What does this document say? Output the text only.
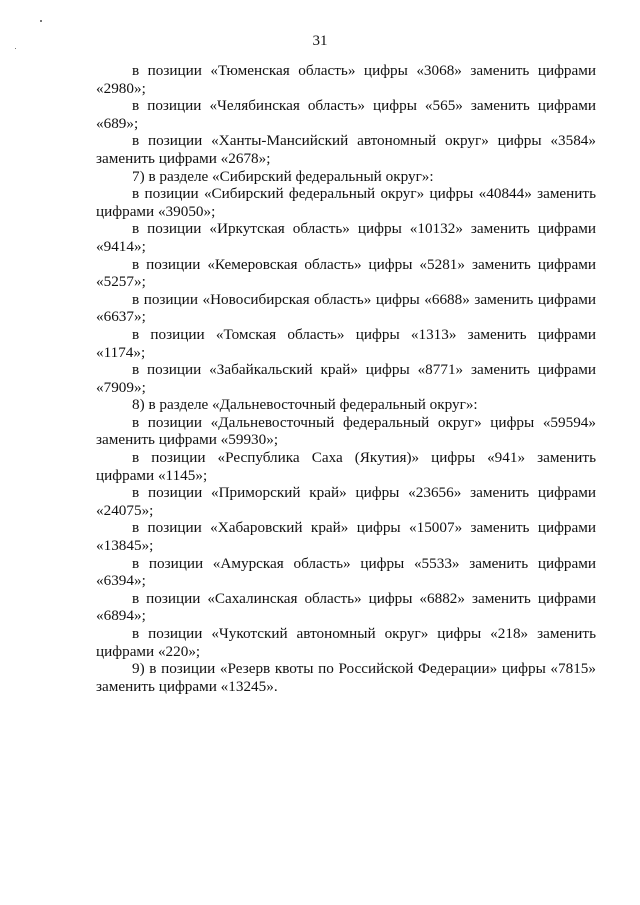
31

в позиции «Тюменская область» цифры «3068» заменить цифрами «2980»;

в позиции «Челябинская область» цифры «565» заменить цифрами «689»;

в позиции «Ханты-Мансийский автономный округ» цифры «3584» заменить цифрами «2678»;

7) в разделе «Сибирский федеральный округ»:

в позиции «Сибирский федеральный округ» цифры «40844» заменить цифрами «39050»;

в позиции «Иркутская область» цифры «10132» заменить цифрами «9414»;

в позиции «Кемеровская область» цифры «5281» заменить цифрами «5257»;

в позиции «Новосибирская область» цифры «6688» заменить цифрами «6637»;

в позиции «Томская область» цифры «1313» заменить цифрами «1174»;

в позиции «Забайкальский край» цифры «8771» заменить цифрами «7909»;

8) в разделе «Дальневосточный федеральный округ»:

в позиции «Дальневосточный федеральный округ» цифры «59594» заменить цифрами «59930»;

в позиции «Республика Саха (Якутия)» цифры «941» заменить цифрами «1145»;

в позиции «Приморский край» цифры «23656» заменить цифрами «24075»;

в позиции «Хабаровский край» цифры «15007» заменить цифрами «13845»;

в позиции «Амурская область» цифры «5533» заменить цифрами «6394»;

в позиции «Сахалинская область» цифры «6882» заменить цифрами «6894»;

в позиции «Чукотский автономный округ» цифры «218» заменить цифрами «220»;

9) в позиции «Резерв квоты по Российской Федерации» цифры «7815» заменить цифрами «13245».
